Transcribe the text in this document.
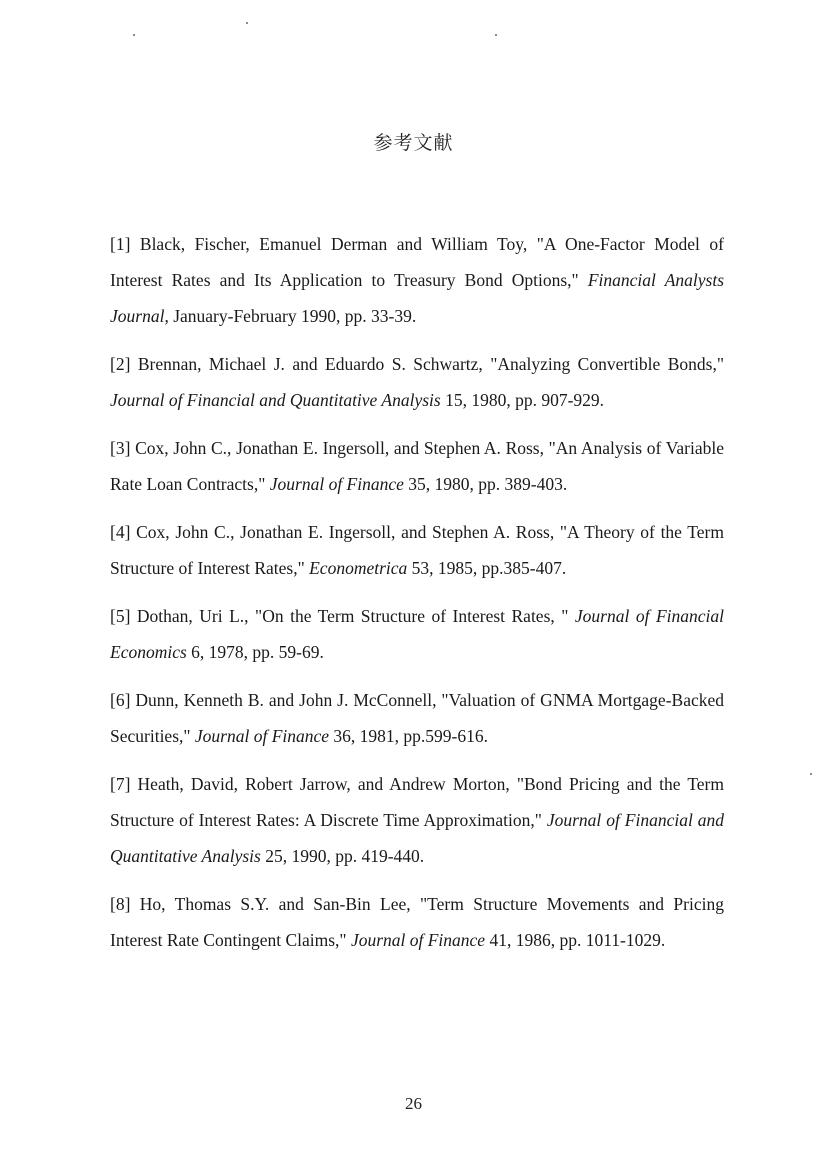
参考文献

[1] Black, Fischer, Emanuel Derman and William Toy, "A One-Factor Model of Interest Rates and Its Application to Treasury Bond Options," Financial Analysts Journal, January-February 1990, pp. 33-39.

[2] Brennan, Michael J. and Eduardo S. Schwartz, "Analyzing Convertible Bonds," Journal of Financial and Quantitative Analysis 15, 1980, pp. 907-929.

[3] Cox, John C., Jonathan E. Ingersoll, and Stephen A. Ross, "An Analysis of Variable Rate Loan Contracts," Journal of Finance 35, 1980, pp. 389-403.

[4] Cox, John C., Jonathan E. Ingersoll, and Stephen A. Ross, "A Theory of the Term Structure of Interest Rates," Econometrica 53, 1985, pp.385-407.

[5] Dothan, Uri L., "On the Term Structure of Interest Rates, " Journal of Financial Economics 6, 1978, pp. 59-69.

[6] Dunn, Kenneth B. and John J. McConnell, "Valuation of GNMA Mortgage-Backed Securities," Journal of Finance 36, 1981, pp.599-616.

[7] Heath, David, Robert Jarrow, and Andrew Morton, "Bond Pricing and the Term Structure of Interest Rates: A Discrete Time Approximation," Journal of Financial and Quantitative Analysis 25, 1990, pp. 419-440.

[8] Ho, Thomas S.Y. and San-Bin Lee, "Term Structure Movements and Pricing Interest Rate Contingent Claims," Journal of Finance 41, 1986, pp. 1011-1029.

26
